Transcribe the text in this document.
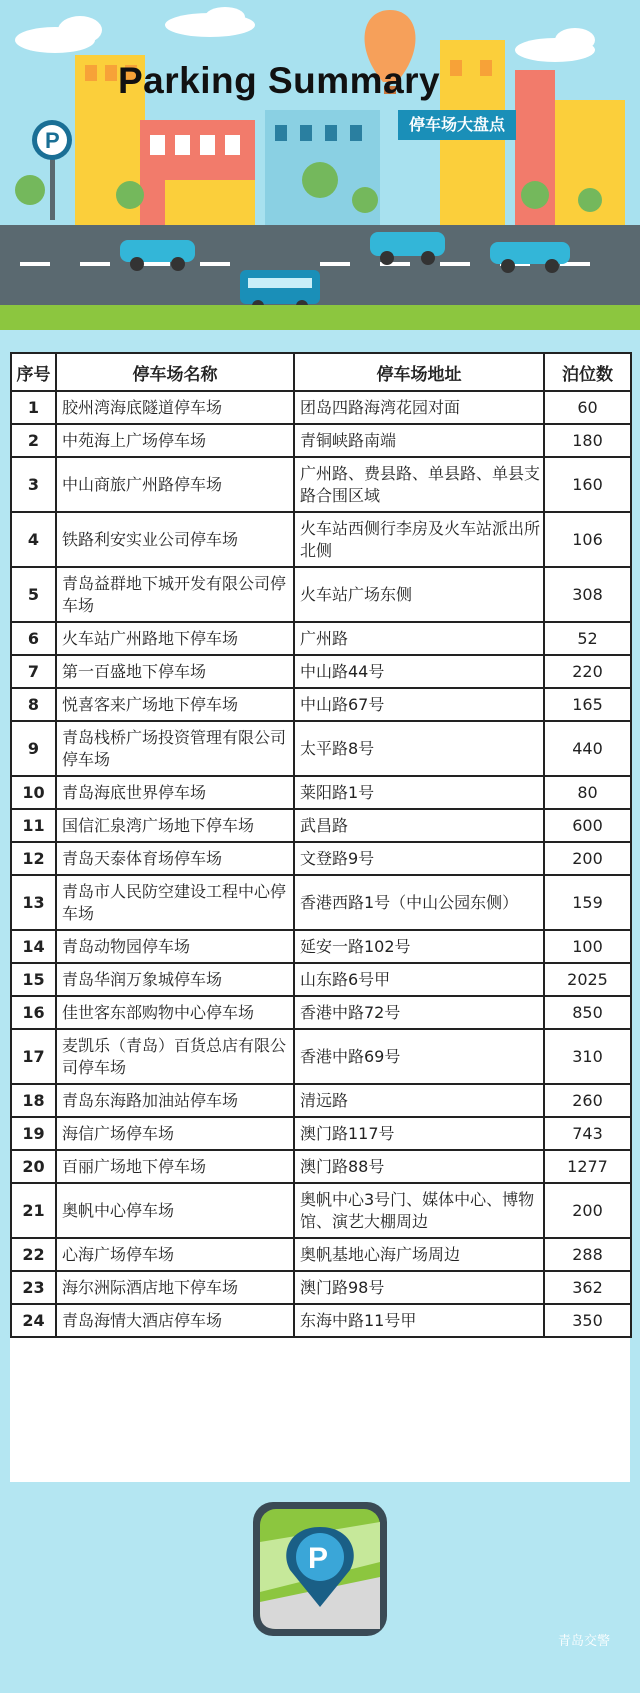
P
Parking Summary
停车场大盘点
序号	停车场名称	停车场地址	泊位数
1	胶州湾海底隧道停车场	团岛四路海湾花园对面	60
2	中苑海上广场停车场	青铜峡路南端	180
3	中山商旅广州路停车场	广州路、费县路、单县路、单县支路合围区域	160
4	铁路利安实业公司停车场	火车站西侧行李房及火车站派出所北侧	106
5	青岛益群地下城开发有限公司停车场	火车站广场东侧	308
6	火车站广州路地下停车场	广州路	52
7	第一百盛地下停车场	中山路44号	220
8	悦喜客来广场地下停车场	中山路67号	165
9	青岛栈桥广场投资管理有限公司停车场	太平路8号	440
10	青岛海底世界停车场	莱阳路1号	80
11	国信汇泉湾广场地下停车场	武昌路	600
12	青岛天泰体育场停车场	文登路9号	200
13	青岛市人民防空建设工程中心停车场	香港西路1号（中山公园东侧）	159
14	青岛动物园停车场	延安一路102号	100
15	青岛华润万象城停车场	山东路6号甲	2025
16	佳世客东部购物中心停车场	香港中路72号	850
17	麦凯乐（青岛）百货总店有限公司停车场	香港中路69号	310
18	青岛东海路加油站停车场	清远路	260
19	海信广场停车场	澳门路117号	743
20	百丽广场地下停车场	澳门路88号	1277
21	奥帆中心停车场	奥帆中心3号门、媒体中心、博物馆、演艺大棚周边	200
22	心海广场停车场	奥帆基地心海广场周边	288
23	海尔洲际酒店地下停车场	澳门路98号	362
24	青岛海情大酒店停车场	东海中路11号甲	350
P
青岛交警
